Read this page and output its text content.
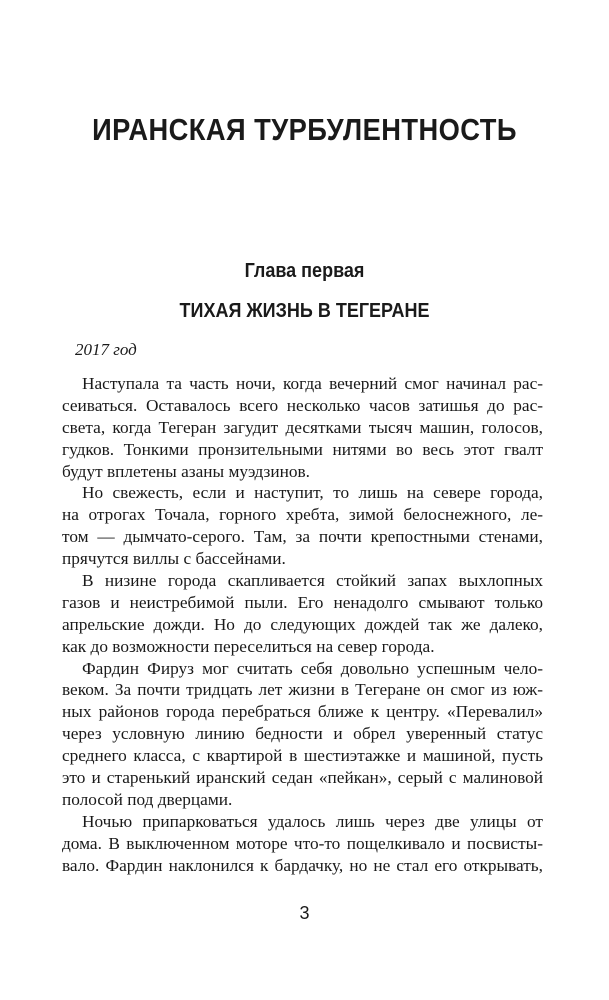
ИРАНСКАЯ ТУРБУЛЕНТНОСТЬ
Глава первая
ТИХАЯ ЖИЗНЬ В ТЕГЕРАНЕ
2017 год
Наступала та часть ночи, когда вечерний смог начинал рас-
сеиваться. Оставалось всего несколько часов затишья до рас-
света, когда Тегеран загудит десятками тысяч машин, голосов,
гудков. Тонкими пронзительными нитями во весь этот гвалт
будут вплетены азаны муэдзинов.
Но свежесть, если и наступит, то лишь на севере города,
на отрогах Точала, горного хребта, зимой белоснежного, ле-
том — дымчато-серого. Там, за почти крепостными стенами,
прячутся виллы с бассейнами.
В низине города скапливается стойкий запах выхлопных
газов и неистребимой пыли. Его ненадолго смывают только
апрельские дожди. Но до следующих дождей так же далеко,
как до возможности переселиться на север города.
Фардин Фируз мог считать себя довольно успешным чело-
веком. За почти тридцать лет жизни в Тегеране он смог из юж-
ных районов города перебраться ближе к центру. «Перевалил»
через условную линию бедности и обрел уверенный статус
среднего класса, с квартирой в шестиэтажке и машиной, пусть
это и старенький иранский седан «пейкан», серый с малиновой
полосой под дверцами.
Ночью припарковаться удалось лишь через две улицы от
дома. В выключенном моторе что-то пощелкивало и посвисты-
вало. Фардин наклонился к бардачку, но не стал его открывать,
3
